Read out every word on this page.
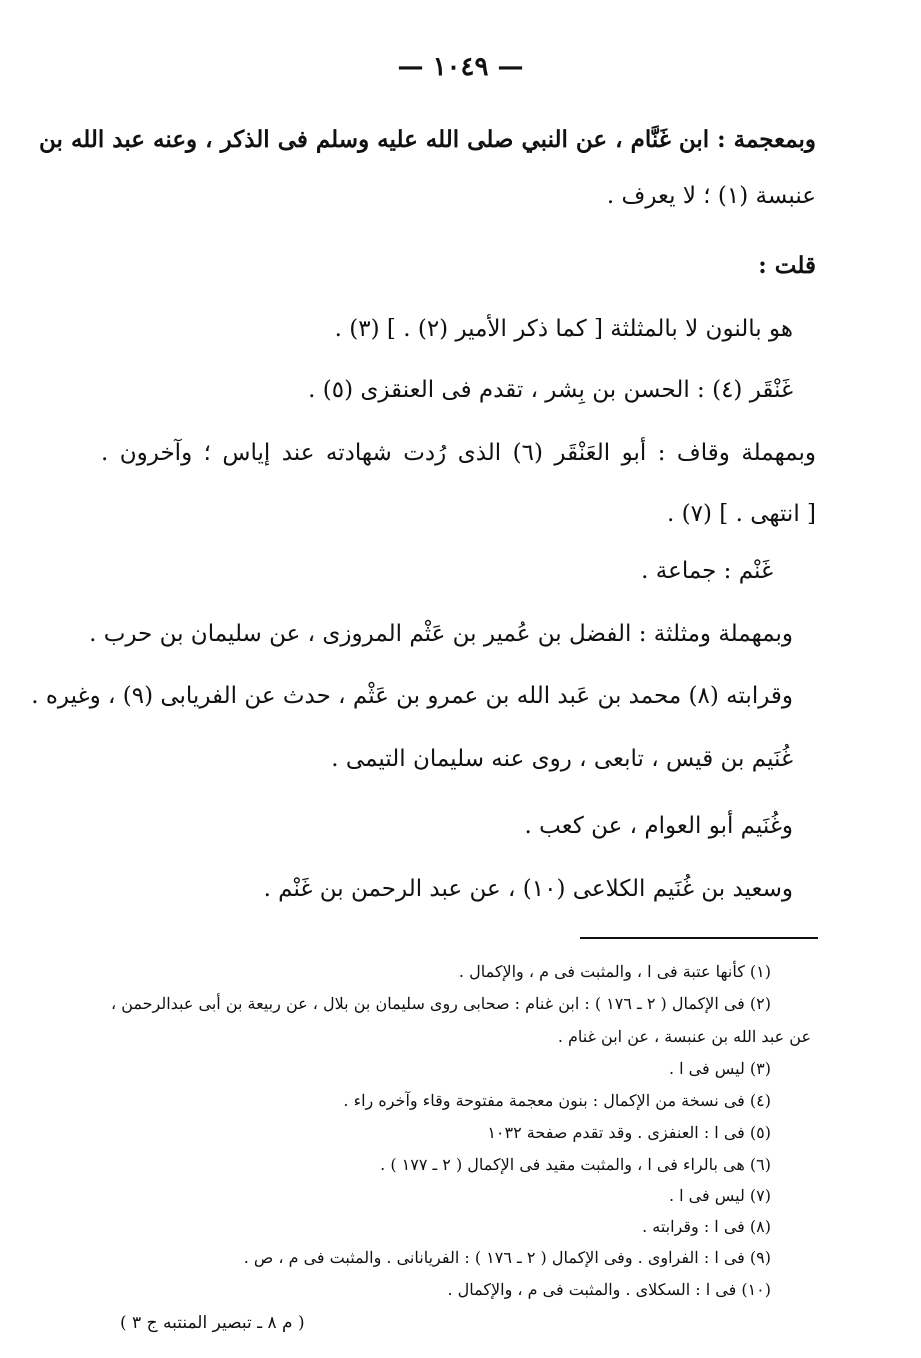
— ١٠٤٩ —
وبمعجمة : ابن غَنَّام ، عن النبي صلى الله عليه وسلم فى الذكر ، وعنه عبد الله بن
عنبسة (١) ؛ لا يعرف .
قلت :
هو بالنون لا بالمثلثة [ كما ذكر الأمير (٢) . ] (٣) .
غَنْقَر (٤) : الحسن بن بِشر ، تقدم فى العنقزى (٥) .
وبمهملة وقاف : أبو العَنْقَر (٦) الذى رُدت شهادته عند إياس ؛ وآخرون .
[ انتهى . ] (٧) .
غَنْم : جماعة .
وبمهملة ومثلثة : الفضل بن عُمير بن عَثْم المروزى ، عن سليمان بن حرب .
وقرابته (٨) محمد بن عَبد الله بن عمرو بن عَثْم ، حدث عن الفريابى (٩) ، وغيره .
غُنَيم بن قيس ، تابعى ، روى عنه سليمان التيمى .
وغُنَيم أبو العوام ، عن كعب .
وسعيد بن غُنَيم الكلاعى (١٠) ، عن عبد الرحمن بن غَنْم .
(١) كأنها عتبة فى ا ، والمثبت فى م ، والإكمال .
(٢) فى الإكمال ( ٢ ـ ١٧٦ ) : ابن غنام : صحابى روى سليمان بن بلال ، عن ربيعة بن أبى عبدالرحمن ،
عن عبد الله بن عنبسة ، عن ابن غنام .
(٣) ليس فى ا .
(٤) فى نسخة من الإكمال : بنون معجمة مفتوحة وقاء وآخره راء .
(٥) فى ا : العنفزى . وقد تقدم صفحة ١٠٣٢
(٦) هى بالراء فى ا ، والمثبت مقيد فى الإكمال ( ٢ ـ ١٧٧ ) .
(٧) ليس فى ا .
(٨) فى ا : وقرابته .
(٩) فى ا : الفراوى . وفى الإكمال ( ٢ ـ ١٧٦ ) : الفريانانى . والمثبت فى م ، ص .
(١٠) فى ا : السكلاى . والمثبت فى م ، والإكمال .
( م ٨ ـ تبصير المنتبه ج ٣ )
